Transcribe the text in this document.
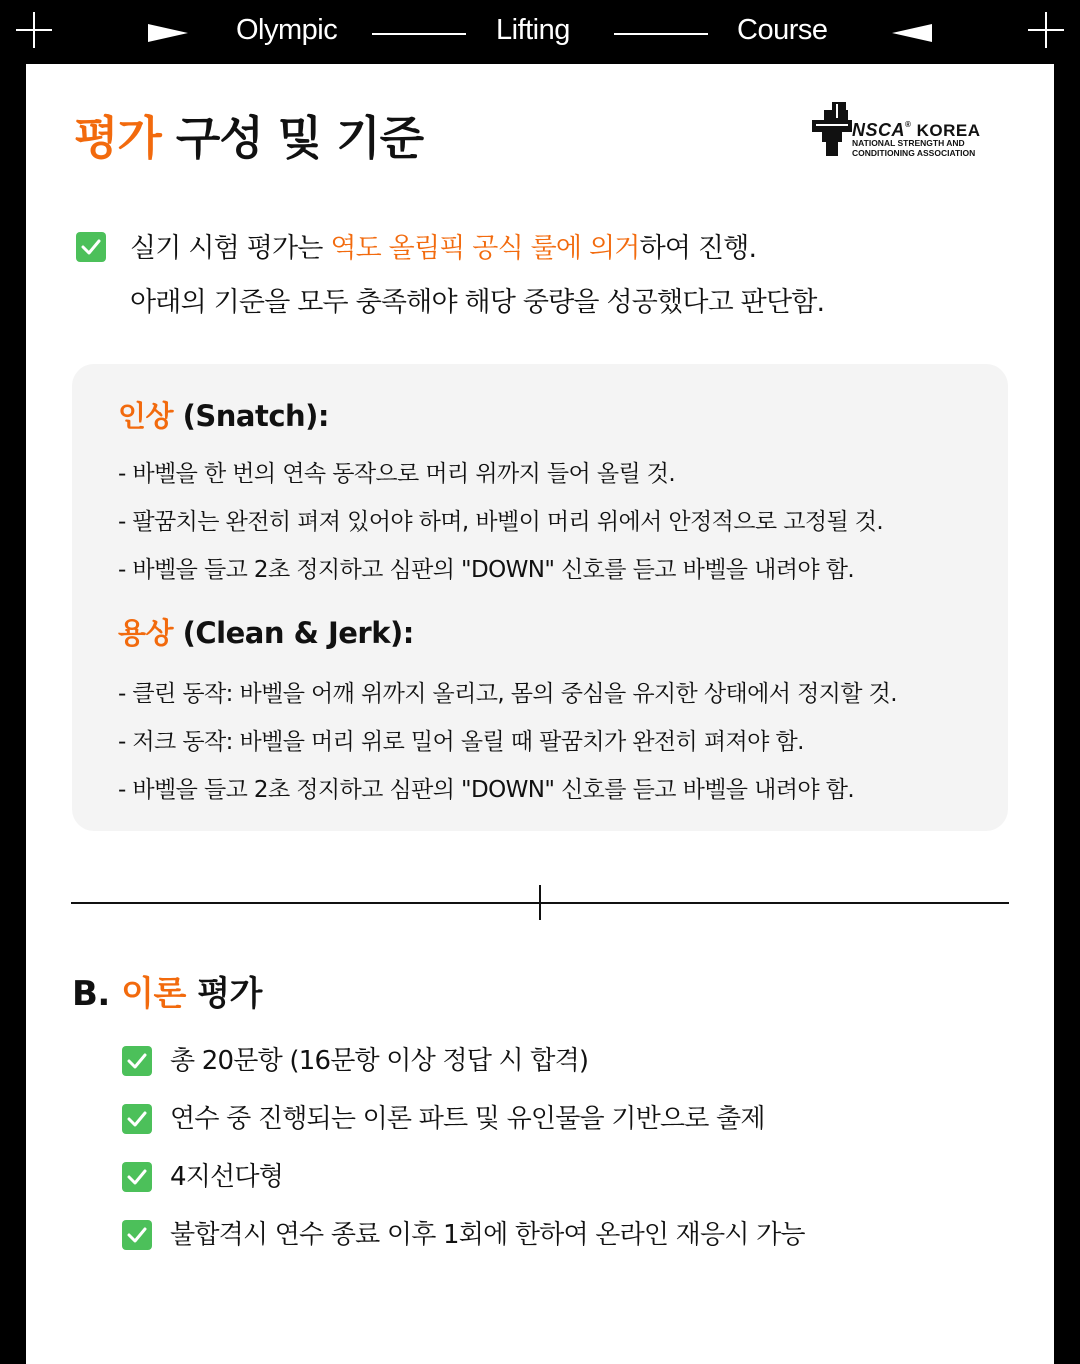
Olympic	Lifting	Course
평가 구성 및 기준	NSCA® KOREA
NATIONAL STRENGTH AND
CONDITIONING ASSOCIATION
실기 시험 평가는 역도 올림픽 공식 룰에 의거하여 진행.
아래의 기준을 모두 충족해야 해당 중량을 성공했다고 판단함.
인상 (Snatch):
- 바벨을 한 번의 연속 동작으로 머리 위까지 들어 올릴 것.
- 팔꿈치는 완전히 펴져 있어야 하며, 바벨이 머리 위에서 안정적으로 고정될 것.
- 바벨을 들고 2초 정지하고 심판의 "DOWN" 신호를 듣고 바벨을 내려야 함.
용상 (Clean & Jerk):
- 클린 동작: 바벨을 어깨 위까지 올리고, 몸의 중심을 유지한 상태에서 정지할 것.
- 저크 동작: 바벨을 머리 위로 밀어 올릴 때 팔꿈치가 완전히 펴져야 함.
- 바벨을 들고 2초 정지하고 심판의 "DOWN" 신호를 듣고 바벨을 내려야 함.
B. 이론 평가
총 20문항 (16문항 이상 정답 시 합격)
연수 중 진행되는 이론 파트 및 유인물을 기반으로 출제
4지선다형
불합격시 연수 종료 이후 1회에 한하여 온라인 재응시 가능
